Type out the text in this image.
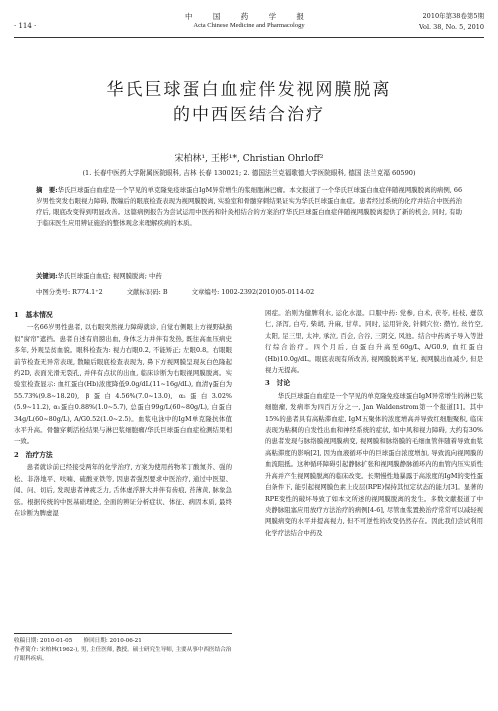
· 114 ·
中 国 药 学 报
Acta Chinese Medicine and Pharmacology
2010年第38卷第5期
Vol. 38, No. 5, 2010
华氏巨球蛋白血症伴发视网膜脱离
的中西医结合治疗
宋柏林¹, 王彬¹*, Christian Ohrloff²
(1. 长春中医药大学附属医院眼科, 吉林 长春 130021; 2. 德国法兰克福歌德大学医院眼科, 德国 法兰克福 60590)
摘　要:华氏巨球蛋白血症是一个罕见的单克隆免疫球蛋白IgM异常增生的浆细胞淋巴瘤。本文报道了一个华氏巨球蛋白血症伴随视网膜脱离的病例, 66岁男性突发右眼视力障碍, 散瞳后的眼底检查表现为视网膜脱离, 实验室和骨髓穿刺结果证实为华氏巨球蛋白血症。患者经过系统的化疗并结合中医药治疗后, 眼底改变得到明显改善。这篇病例报告为尝试运用中医药和针灸相结合的方案治疗华氏巨球蛋白血症伴随视网膜脱离提供了新的机会, 同时, 有助于临床医生应用辨证施治的整体观念来理解疾病的本质。
关键词:华氏巨球蛋白血症; 视网膜脱离; 中药
中图分类号: R774.1⁺2	文献标识码: B	文章编号: 1002-2392(2010)05-0114-02
1　基本情况

一名66岁男性患者, 以右眼突然视力障碍就诊, 自觉右侧眼上方视野缺损似"窗帘"遮挡。患者自述有肩膀出血, 身体乏力并伴有发热, 既往高血压病史多年, 外观呈贫血貌。眼科检查为: 视力右眼0.2, 不能矫正; 左眼0.8。右眼眼前节检查无异常表现, 散瞳后眼底检查表现为, 鼻下方视网膜呈现灰白色隆起约2D, 表面光滑无裂孔, 并伴有点状的出血, 临床诊断为右眼视网膜脱离。实验室检查显示: 血红蛋白(Hb)浓度降低9.0g/dL(11~16g/dL), 血清γ蛋白为55.73%(9.8~18.20), β蛋白4.56%(7.0~13.0), α₂蛋白3.02%(5.9~11.2), α₁蛋白0.88%(1.0~5.7), 总蛋白99g/L(60~80g/L), 白蛋白34g/L(60~80g/L), A/G0.52(1.0~2.5)。血浆电泳中的IgM单克隆抗体值水平升高。骨髓穿刺活检结果与淋巴浆细胞瘤/华氏巨球蛋白血症检测结果相一致。

2　治疗方法

患者就诊前已经接受两年的化学治疗, 方案为使用药物苯丁酸氮芥、强的松、非洛地平、呋喃、硫酸亚铁等, 因患者强烈要求中医治疗, 通过中医望、闻、问、切后, 发现患者神疲乏力, 舌体虚浮胖大并伴有齿痕, 苔薄黄, 脉象急弦。根据传统的中医基础理论, 全面的辨证分析症状、体征、病因本质, 最终在诊断为脾虚湿

收稿日期: 2010-01-05　　修回日期: 2010-06-21
作者简介: 宋柏林(1962-), 男, 主任医师, 教授。硕士研究生导师, 主要从事中西医结合治疗眼科疾病。

困症。治则为健脾利水, 运化水湿。口服中药: 党参, 白术, 茯苓, 桂枝, 薏苡仁, 泽泻, 白芍, 柴胡, 升麻, 甘草。同时, 运用针灸, 针刺穴位: 攒竹, 丝竹空, 太阳, 足三里, 太冲, 承泣, 百会, 合谷, 三阴交, 风池。结合中药离子导入等进行综合治疗。四个月后, 白蛋白升高至60g/L, A/G0.9, 血红蛋白(Hb)10.0g/dL。眼底表现有所改善, 视网膜脱离平复, 视网膜出血减少, 但是视力无提高。

3　讨论

华氏巨球蛋白血症是一个罕见的单克隆免疫球蛋白IgM异常增生的淋巴浆细胞瘤, 发病率为四百万分之一, Jan Waldenstrom第一个报道[1]。其中15%的患者具有高粘滞血症, IgM五聚体的浓度增高并导致红细胞聚积, 临床表现为粘稠的自发性出血和神经系统的症状, 如中风和视力障碍, 大约有30%的患者发现与脉络膜视网膜病变, 视网膜和脉络膜的毛细血管伴随着导致血浆高粘滞度的影响[2], 因为血液循环中的巨球蛋白浓度增加, 导致流向视网膜的血流阻抵。这种循环障碍引起静脉扩张和视网膜静脉循环内的血管内压实质性升高并产生视网膜脱离的临床改变。长期慢性地暴露于高浓度的IgM的变性蛋白条件下, 能引起视网膜色素上皮层(RPE)保持其恒定状态的能力[3]。显著的RPE变性的破坏导致了如本文所述的视网膜脱离的发生。多数文献报道了中央静脉阻塞应用放疗方法治疗的病例[4-6], 尽管血浆置换治疗常常可以减轻视网膜病变的水平并提高视力, 但不可逆性的改变仍然存在。因此我们尝试利用化学疗法结合中药及
